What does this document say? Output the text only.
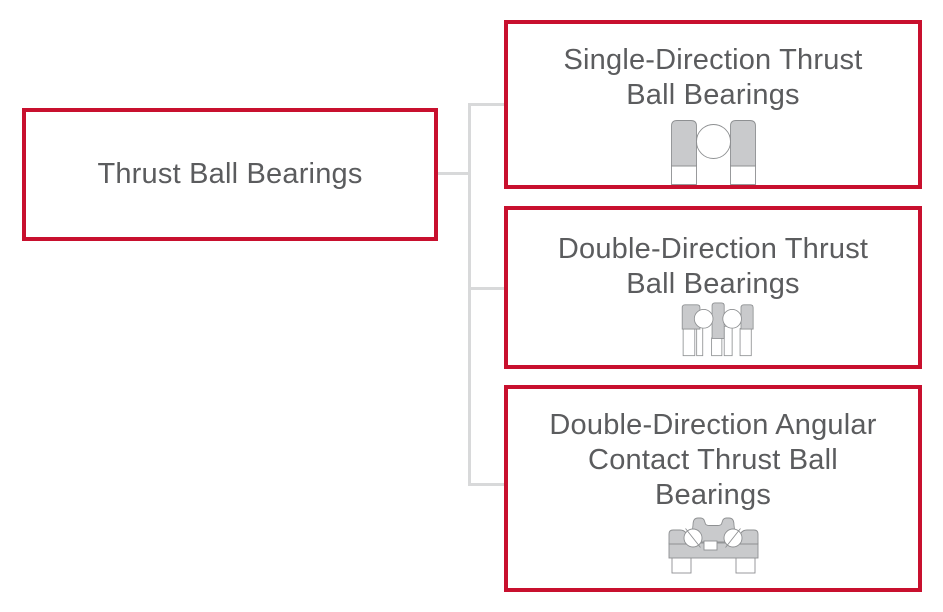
Thrust Ball Bearings
Single-Direction Thrust
Ball Bearings
Double-Direction Thrust
Ball Bearings
Double-Direction Angular
Contact Thrust Ball
Bearings
